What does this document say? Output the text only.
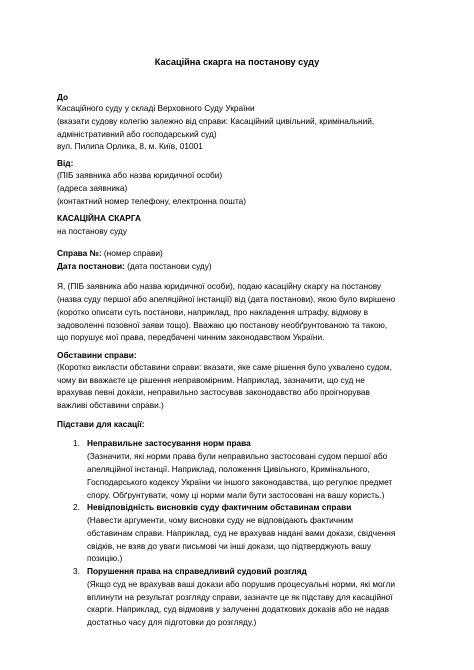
Касаційна скарга на постанову суду
До
Касаційного суду у складі Верховного Суду України
(вказати судову колегію залежно від справи: Касаційний цивільний, кримінальний,
адміністративний або господарський суд)
вул. Пилипа Орлика, 8, м. Київ, 01001
Від:
(ПІБ заявника або назва юридичної особи)
(адреса заявника)
(контактний номер телефону, електронна пошта)
КАСАЦІЙНА СКАРГА
на постанову суду
Справа №: (номер справи)
Дата постанови: (дата постанови суду)
Я, (ПІБ заявника або назва юридичної особи), подаю касаційну скаргу на постанову
(назва суду першої або апеляційної інстанції) від (дата постанови), якою було вирішено
(коротко описати суть постанови, наприклад, про накладення штрафу, відмову в
задоволенні позовної заяви тощо). Вважаю цю постанову необґрунтованою та такою,
що порушує мої права, передбачені чинним законодавством України.
Обставини справи:
(Коротко викласти обставини справи: вказати, яке саме рішення було ухвалено судом,
чому ви вважаєте це рішення неправомірним. Наприклад, зазначити, що суд не
врахував певні докази, неправильно застосував законодавство або проігнорував
важливі обставини справи.)
Підстави для касації:
1. Неправильне застосування норм права
(Зазначити, які норми права були неправильно застосовані судом першої або
апеляційної інстанції. Наприклад, положення Цивільного, Кримінального,
Господарського кодексу України чи іншого законодавства, що регулює предмет
спору. Обґрунтувати, чому ці норми мали бути застосовані на вашу користь.)
2. Невідповідність висновків суду фактичним обставинам справи
(Навести аргументи, чому висновки суду не відповідають фактичним
обставинам справи. Наприклад, суд не врахував надані вами докази, свідчення
свідків, не взяв до уваги письмові чи інші докази, що підтверджують вашу
позицію.)
3. Порушення права на справедливий судовий розгляд
(Якщо суд не врахував ваші докази або порушив процесуальні норми, які могли
вплинути на результат розгляду справи, зазначте це як підставу для касаційної
скарги. Наприклад, суд відмовив у залученні додаткових доказів або не надав
достатньо часу для підготовки до розгляду.)
